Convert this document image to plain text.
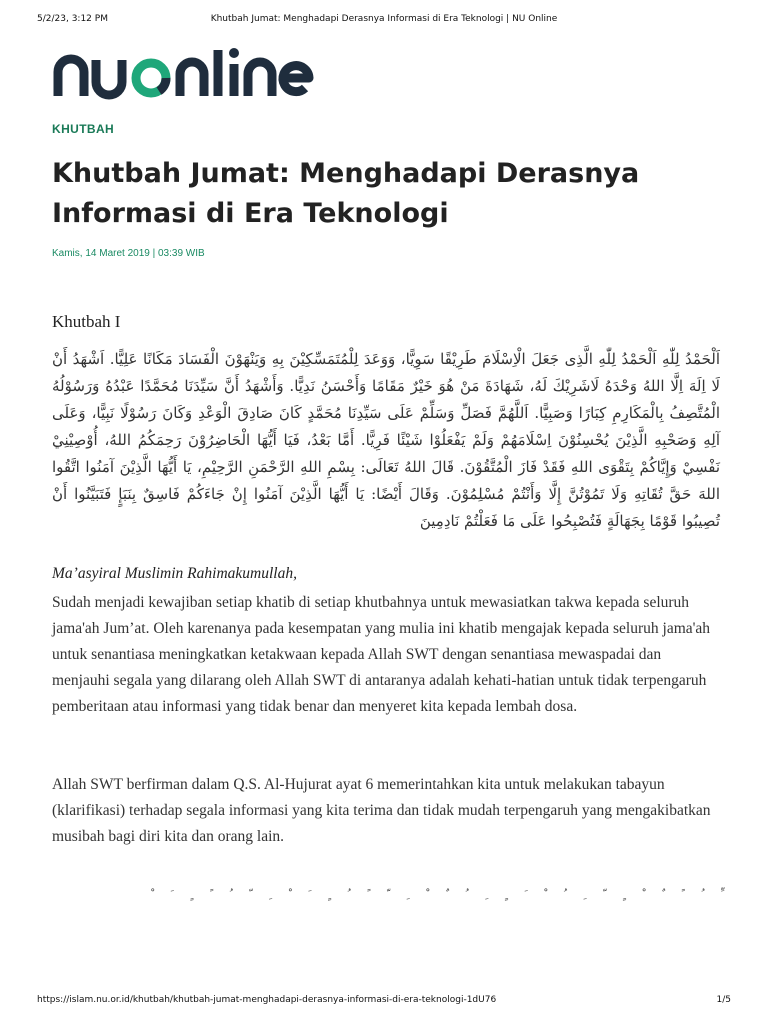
5/2/23, 3:12 PM	Khutbah Jumat: Menghadapi Derasnya Informasi di Era Teknologi | NU Online
KHUTBAH
Khutbah Jumat: Menghadapi Derasnya Informasi di Era Teknologi
Kamis, 14 Maret 2019 | 03:39 WIB
Khutbah I

اَلْحَمْدُ لِلّٰهِ اَلْحَمْدُ لِلّٰهِ الَّذِى جَعَلَ الْاِسْلَامَ طَرِيْقًا سَوِيًّا، وَوَعَدَ لِلْمُتَمَسِّكِيْنَ بِهِ وَيَنْهَوْنَ الْفَسَادَ مَكَانًا عَلِيًّا. اَشْهَدُ أَنْ لَا اِلَهَ اِلَّا اللهُ وَحْدَهُ لَاشَرِيْكَ لَهُ، شَهَادَةَ مَنْ هُوَ خَيْرٌ مَقَامًا وَأَحْسَنُ نَدِيًّا. وَأَشْهَدُ أَنَّ سَيِّدَنَا مُحَمَّدًا عَبْدُهُ وَرَسُوْلُهُ الْمُتَّصِفُ بِالْمَكَارِمِ كِبَارًا وَصَبِيًّا. اَللَّهُمَّ فَصَلِّ وَسَلِّمْ عَلَى سَيِّدِنَا مُحَمَّدٍ كَانَ صَادِقَ الْوَعْدِ وَكَانَ رَسُوْلًا نَبِيًّا، وَعَلَى آلِهِ وَصَحْبِهِ الَّذِيْنَ يُحْسِنُوْنَ اِسْلَامَهُمْ وَلَمْ يَفْعَلُوْا شَيْئًا فَرِيًّا. أَمَّا بَعْدُ، فَيَا أَيُّهَا الْحَاضِرُوْنَ رَحِمَكُمُ اللهُ، أُوْصِيْنِيْ نَفْسِيْ وَإِيَّاكُمْ بِتَقْوَى اللهِ فَقَدْ فَازَ الْمُتَّقُوْنَ. قَالَ اللهُ تَعَالَى: بِسْمِ اللهِ الرَّحْمَنِ الرَّحِيْمِ، يَا أَيُّهَا الَّذِيْنَ آمَنُوا اتَّقُوا اللهَ حَقَّ تُقَاتِهِ وَلَا تَمُوْتُنَّ إِلَّا وَأَنْتُمْ مُسْلِمُوْنَ. وَقَالَ أَيْضًا: يَا أَيُّهَا الَّذِيْنَ آمَنُوا إِنْ جَاءَكُمْ فَاسِقٌ بِنَبَإٍ فَتَبَيَّنُوا أَنْ تُصِيبُوا قَوْمًا بِجَهَالَةٍ فَتُصْبِحُوا عَلَى مَا فَعَلْتُمْ نَادِمِينَ

Ma’asyiral Muslimin Rahimakumullah,

Sudah menjadi kewajiban setiap khatib di setiap khutbahnya untuk mewasiatkan takwa kepada seluruh jama'ah Jum’at. Oleh karenanya pada kesempatan yang mulia ini khatib mengajak kepada seluruh jama'ah untuk senantiasa meningkatkan ketakwaan kepada Allah SWT dengan senantiasa mewaspadai dan menjauhi segala yang dilarang oleh Allah SWT di antaranya adalah kehati-hatian untuk tidak terpengaruh pemberitaan atau informasi yang tidak benar dan menyeret kita kepada lembah dosa.

Allah SWT berfirman dalam Q.S. Al-Hujurat ayat 6 memerintahkan kita untuk melakukan tabayun (klarifikasi) terhadap segala informasi yang kita terima dan tidak mudah terpengaruh yang mengakibatkan musibah bagi diri kita dan orang lain.

ِّ ُ ً ٌ ْ ٍ ّ ِ ُ ْ َ ٍ ِ ُ ٌ ْ ِ ّ ً ُ ٍ َ ْ ِ ّ ُ ً ٍ َ ْ

https://islam.nu.or.id/khutbah/khutbah-jumat-menghadapi-derasnya-informasi-di-era-teknologi-1dU76	1/5
